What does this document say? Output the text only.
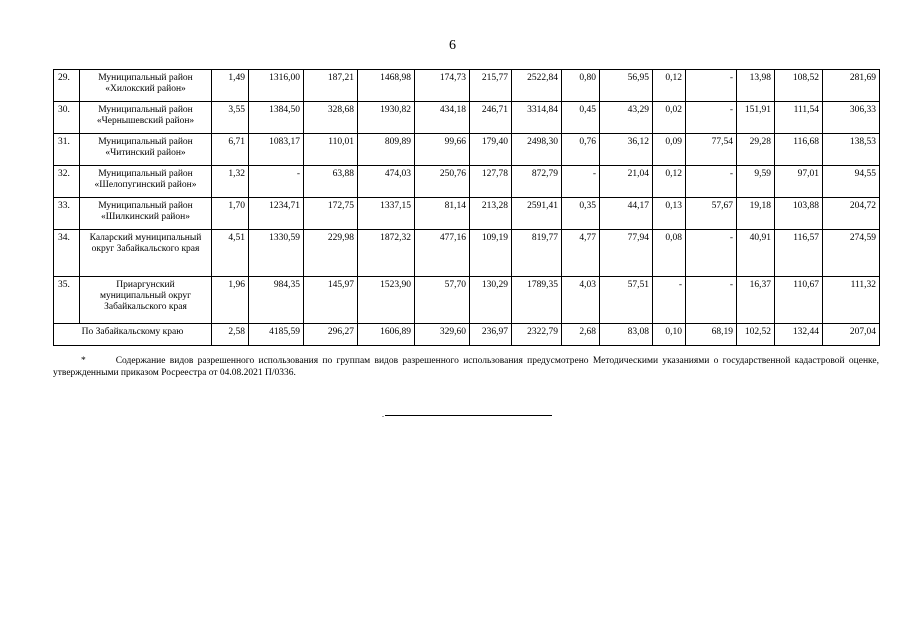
6
29.	Муниципальный район «Хилокский район»	1,49	1316,00	187,21	1468,98	174,73	215,77	2522,84	0,80	56,95	0,12	-	13,98	108,52	281,69
30.	Муниципальный район «Чернышевский район»	3,55	1384,50	328,68	1930,82	434,18	246,71	3314,84	0,45	43,29	0,02	-	151,91	111,54	306,33
31.	Муниципальный район «Читинский район»	6,71	1083,17	110,01	809,89	99,66	179,40	2498,30	0,76	36,12	0,09	77,54	29,28	116,68	138,53
32.	Муниципальный район «Шелопугинский район»	1,32	-	63,88	474,03	250,76	127,78	872,79	-	21,04	0,12	-	9,59	97,01	94,55
33.	Муниципальный район «Шилкинский район»	1,70	1234,71	172,75	1337,15	81,14	213,28	2591,41	0,35	44,17	0,13	57,67	19,18	103,88	204,72
34.	Каларский муниципальный округ Забайкальского края	4,51	1330,59	229,98	1872,32	477,16	109,19	819,77	4,77	77,94	0,08	-	40,91	116,57	274,59
35.	Приаргунский муниципальный округ Забайкальского края	1,96	984,35	145,97	1523,90	57,70	130,29	1789,35	4,03	57,51	-	-	16,37	110,67	111,32
По Забайкальскому краю		2,58	4185,59	296,27	1606,89	329,60	236,97	2322,79	2,68	83,08	0,10	68,19	102,52	132,44	207,04
*	Содержание видов разрешенного использования по группам видов разрешенного использования предусмотрено Методическими указаниями о государственной кадастровой оценке, утвержденными приказом Росреестра от 04.08.2021 П/0336.
.
